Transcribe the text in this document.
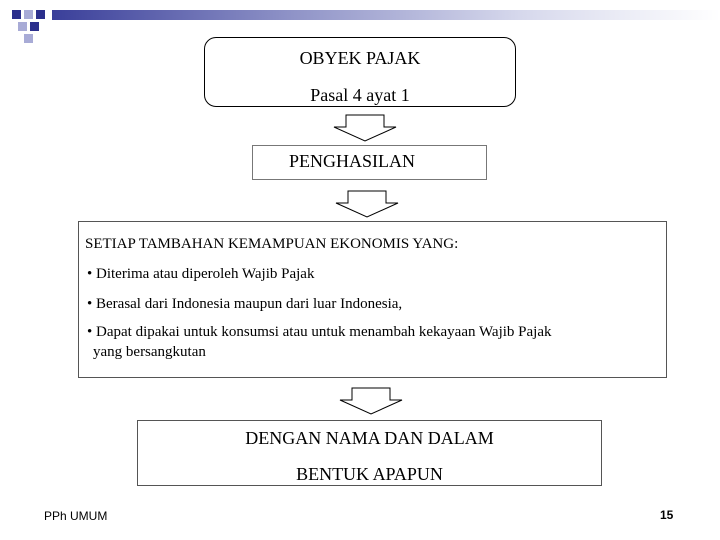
OBYEK PAJAK
Pasal 4 ayat 1
PENGHASILAN
SETIAP TAMBAHAN KEMAMPUAN EKONOMIS YANG:
• Diterima atau diperoleh Wajib Pajak
• Berasal dari Indonesia maupun dari luar Indonesia,
• Dapat dipakai untuk konsumsi atau untuk menambah kekayaan Wajib Pajak
yang bersangkutan
DENGAN NAMA DAN DALAM
BENTUK APAPUN
PPh UMUM	15
